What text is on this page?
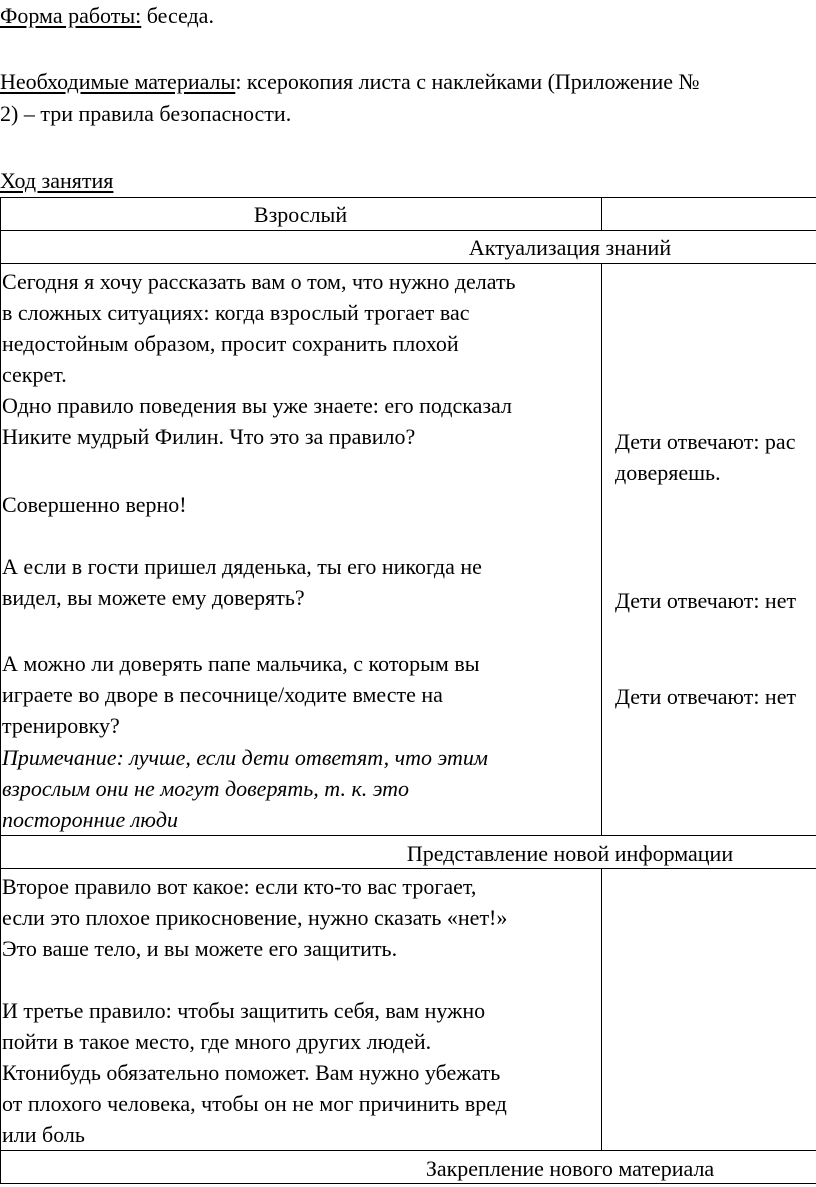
Форма работы: беседа.
Необходимые материалы: ксерокопия листа с наклейками (Приложение №
2) – три правила безопасности.
Ход занятия
Взрослый
Актуализация знаний
Сегодня я хочу рассказать вам о том, что нужно делать
в сложных ситуациях: когда взрослый трогает вас
недостойным образом, просит сохранить плохой
секрет.
Одно правило поведения вы уже знаете: его подсказал
Никите мудрый Филин. Что это за правило?
Совершенно верно!
А если в гости пришел дяденька, ты его никогда не
видел, вы можете ему доверять?
А можно ли доверять папе мальчика, с которым вы
играете во дворе в песочнице/ходите вместе на
тренировку?
Примечание: лучше, если дети ответят, что этим
взрослым они не могут доверять, т. к. это
посторонние люди
Дети отвечают: рас
доверяешь.
Дети отвечают: нет
Дети отвечают: нет
Представление новой информации
Второе правило вот какое: если кто-то вас трогает,
если это плохое прикосновение, нужно сказать «нет!»
Это ваше тело, и вы можете его защитить.
И третье правило: чтобы защитить себя, вам нужно
пойти в такое место, где много других людей.
Ктонибудь обязательно поможет. Вам нужно убежать
от плохого человека, чтобы он не мог причинить вред
или боль
Закрепление нового материала
